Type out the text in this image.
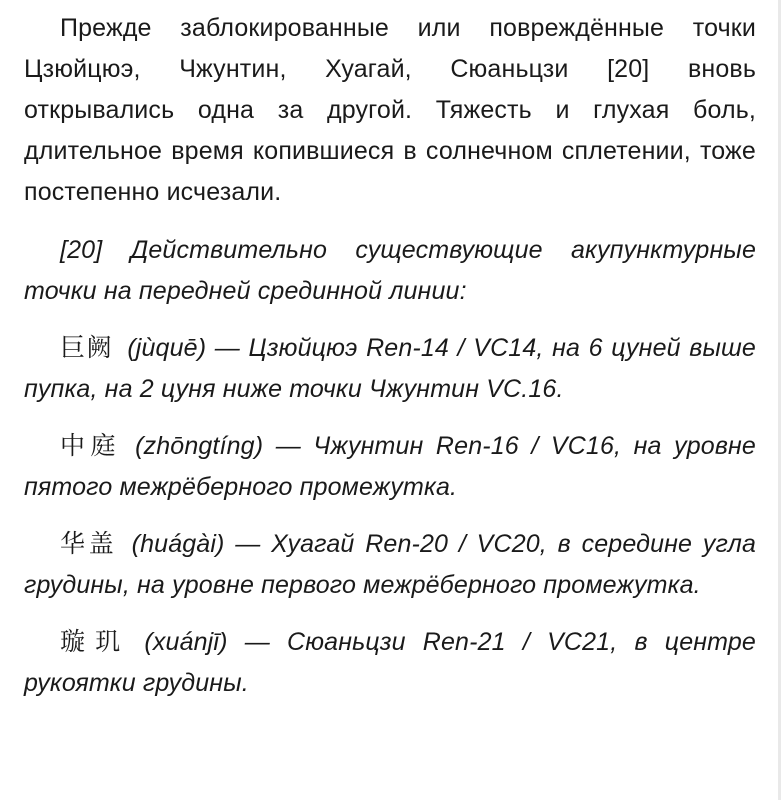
Прежде заблокированные или повреждённые точки Цзюйцюэ, Чжунтин, Хуагай, Сюаньцзи [20] вновь открывались одна за другой. Тяжесть и глухая боль, длительное время копившиеся в солнечном сплетении, тоже постепенно исчезали.

[20] Действительно существующие акупунктурные точки на передней срединной линии:

巨阙 (jùquē) — Цзюйцюэ Ren-14 / VC14, на 6 цуней выше пупка, на 2 цуня ниже точки Чжунтин VC.16.

中庭 (zhōngtíng) — Чжунтин Ren-16 / VC16, на уровне пятого межрёберного промежутка.

华盖 (huágài) — Хуагай Ren-20 / VC20, в середине угла грудины, на уровне первого межрёберного промежутка.

璇玑 (xuánjī) — Сюаньцзи Ren-21 / VC21, в центре рукоятки грудины.
